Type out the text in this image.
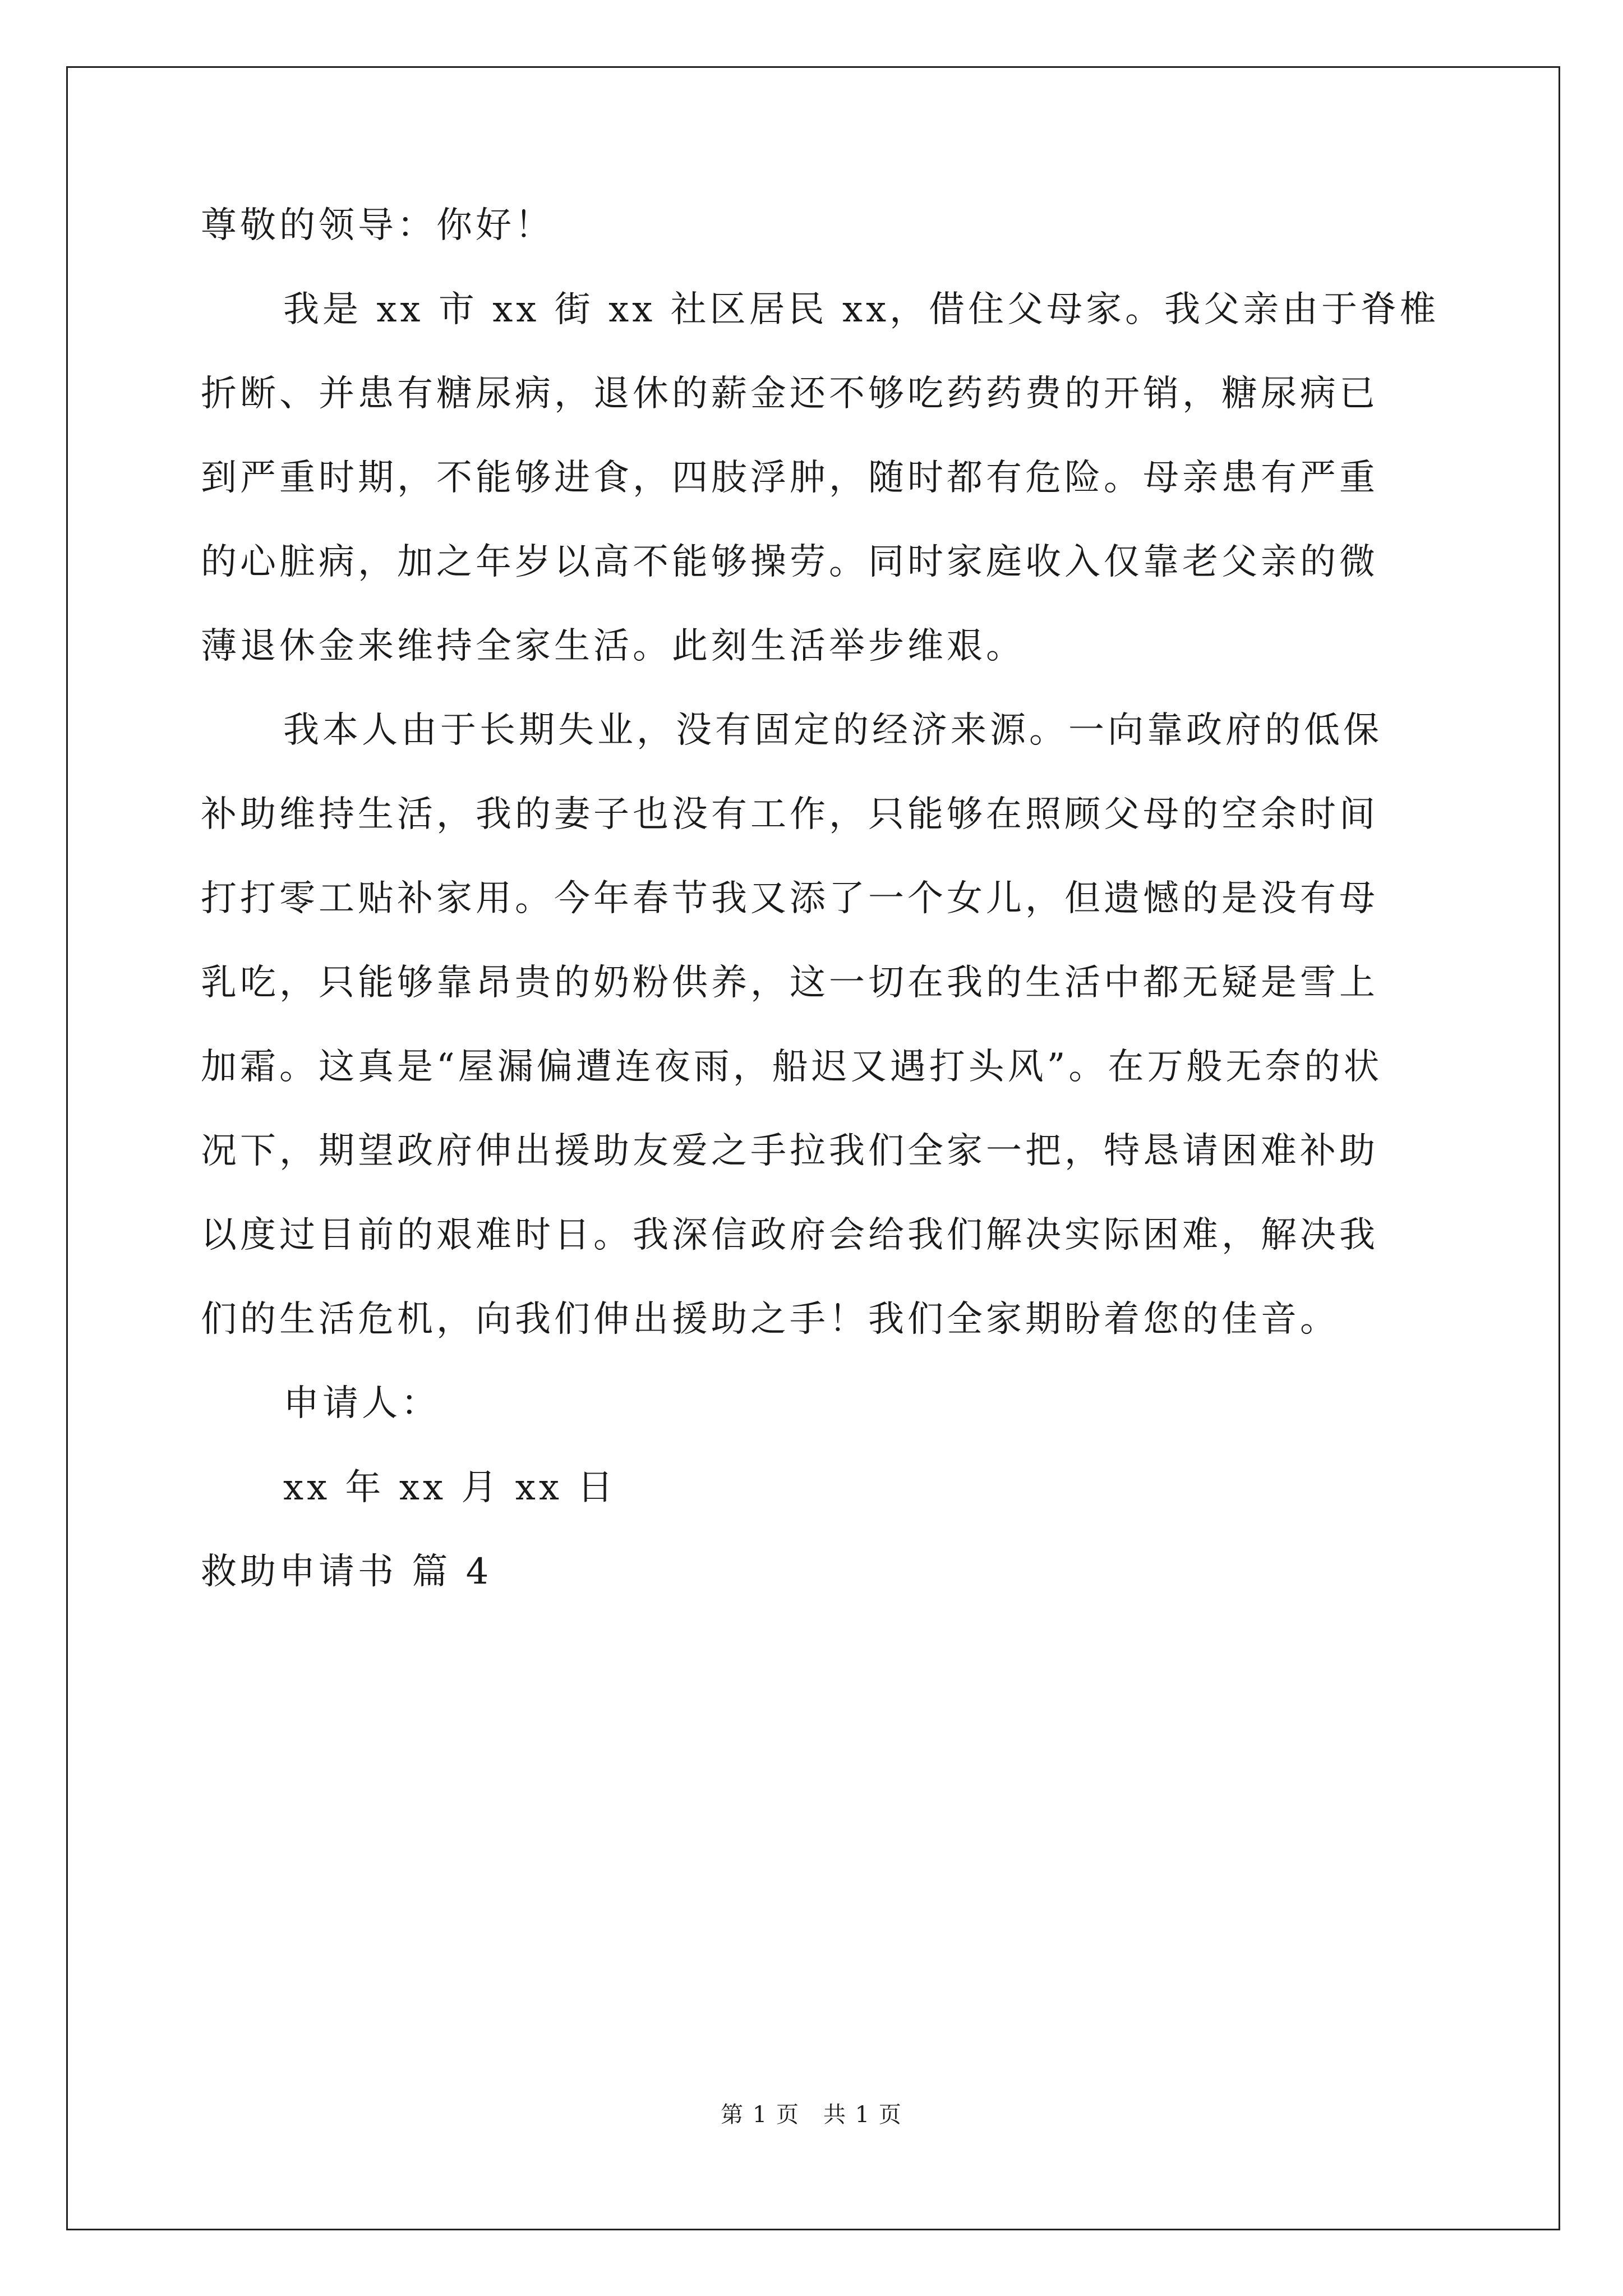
尊敬的领导：你好！
我是 xx 市 xx 街 xx 社区居民 xx，借住父母家。我父亲由于脊椎
折断、并患有糖尿病，退休的薪金还不够吃药药费的开销，糖尿病已
到严重时期，不能够进食，四肢浮肿，随时都有危险。母亲患有严重
的心脏病，加之年岁以高不能够操劳。同时家庭收入仅靠老父亲的微
薄退休金来维持全家生活。此刻生活举步维艰。
我本人由于长期失业，没有固定的经济来源。一向靠政府的低保
补助维持生活，我的妻子也没有工作，只能够在照顾父母的空余时间
打打零工贴补家用。今年春节我又添了一个女儿，但遗憾的是没有母
乳吃，只能够靠昂贵的奶粉供养，这一切在我的生活中都无疑是雪上
加霜。这真是“屋漏偏遭连夜雨，船迟又遇打头风”。在万般无奈的状
况下，期望政府伸出援助友爱之手拉我们全家一把，特恳请困难补助
以度过目前的艰难时日。我深信政府会给我们解决实际困难，解决我
们的生活危机，向我们伸出援助之手！我们全家期盼着您的佳音。
申请人：
xx 年 xx 月 xx 日
救助申请书 篇 4
第 1 页　共 1 页
